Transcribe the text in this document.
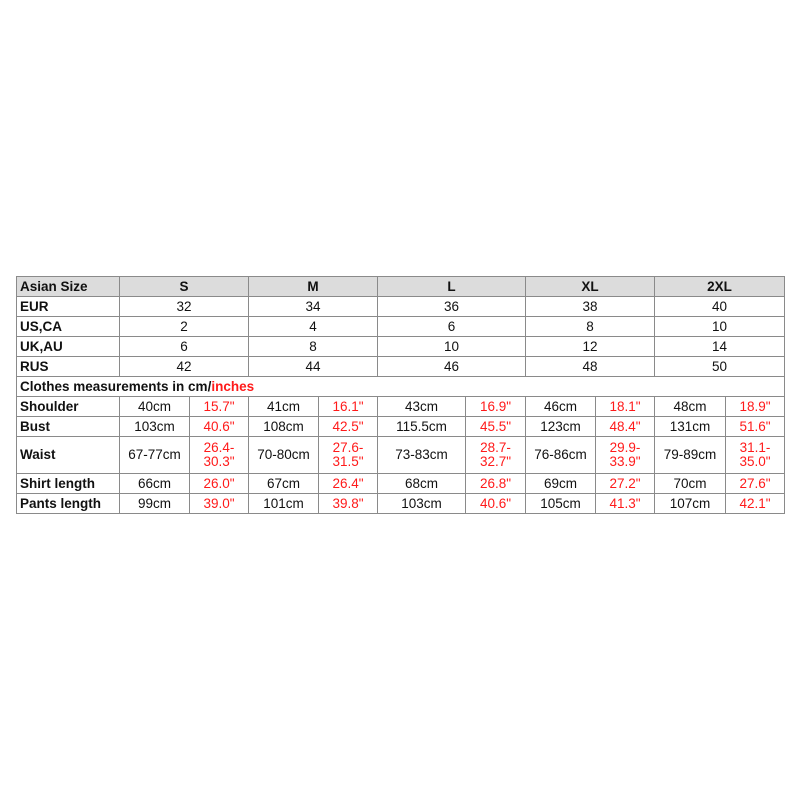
Asian Size	S		M		L		XL		2XL	
EUR	32		34		36		38		40	
US,CA	2		4		6		8		10	
UK,AU	6		8		10		12		14	
RUS	42		44		46		48		50	
Clothes measurements in cm/inches										
Shoulder	40cm	15.7"	41cm	16.1"	43cm	16.9"	46cm	18.1"	48cm	18.9"
Bust	103cm	40.6"	108cm	42.5"	115.5cm	45.5"	123cm	48.4"	131cm	51.6"
Waist	67-77cm	26.4-30.3"	70-80cm	27.6-31.5"	73-83cm	28.7-32.7"	76-86cm	29.9-33.9"	79-89cm	31.1-35.0"
Shirt length	66cm	26.0"	67cm	26.4"	68cm	26.8"	69cm	27.2"	70cm	27.6"
Pants length	99cm	39.0"	101cm	39.8"	103cm	40.6"	105cm	41.3"	107cm	42.1"
